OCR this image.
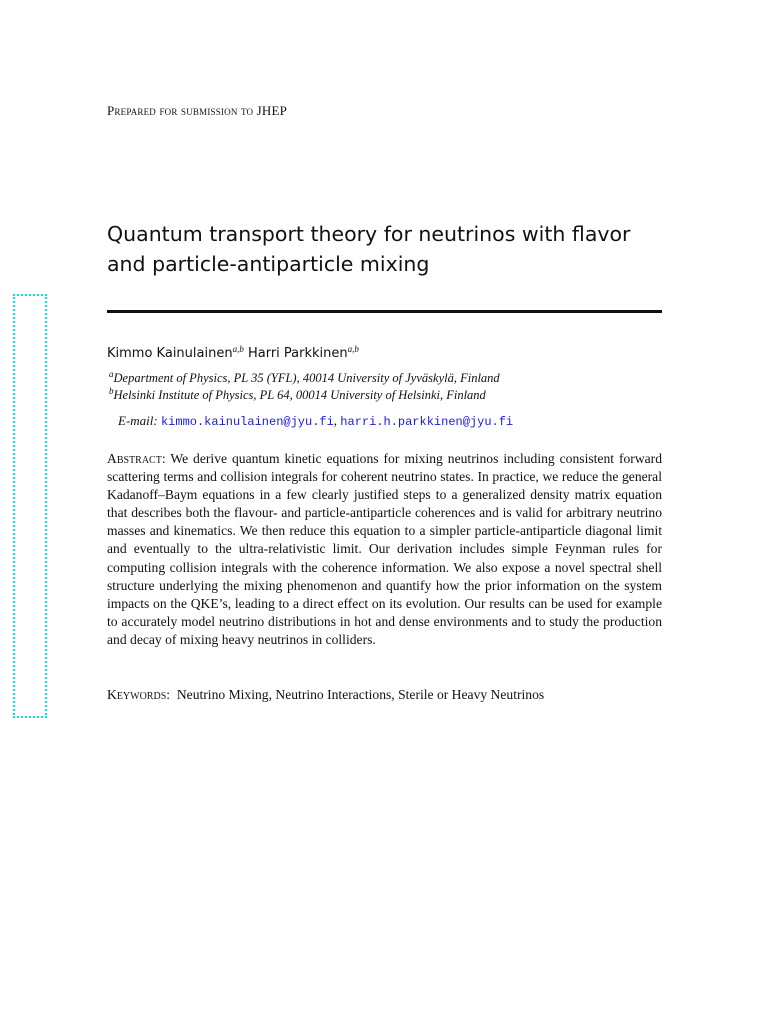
Prepared for submission to JHEP
Quantum transport theory for neutrinos with flavor
and particle-antiparticle mixing
Kimmo Kainulainen$^{a,b}$ Harri Parkkinen$^{a,b}$
$^a$Department of Physics, PL 35 (YFL), 40014 University of Jyväskylä, Finland
$^b$Helsinki Institute of Physics, PL 64, 00014 University of Helsinki, Finland
E-mail: kimmo.kainulainen@jyu.fi, harri.h.parkkinen@jyu.fi

Abstract: We derive quantum kinetic equations for mixing neutrinos including consistent forward scattering terms and collision integrals for coherent neutrino states. In practice, we reduce the general Kadanoff–Baym equations in a few clearly justified steps to a generalized density matrix equation that describes both the flavour- and particle-antiparticle coherences and is valid for arbitrary neutrino masses and kinematics. We then reduce this equation to a simpler particle-antiparticle diagonal limit and eventually to the ultra-relativistic limit. Our derivation includes simple Feynman rules for computing collision integrals with the coherence information. We also expose a novel spectral shell structure underlying the mixing phenomenon and quantify how the prior information on the system impacts on the QKE’s, leading to a direct effect on its evolution. Our results can be used for example to accurately model neutrino distributions in hot and dense environments and to study the production and decay of mixing heavy neutrinos in colliders.

Keywords: Neutrino Mixing, Neutrino Interactions, Sterile or Heavy Neutrinos
